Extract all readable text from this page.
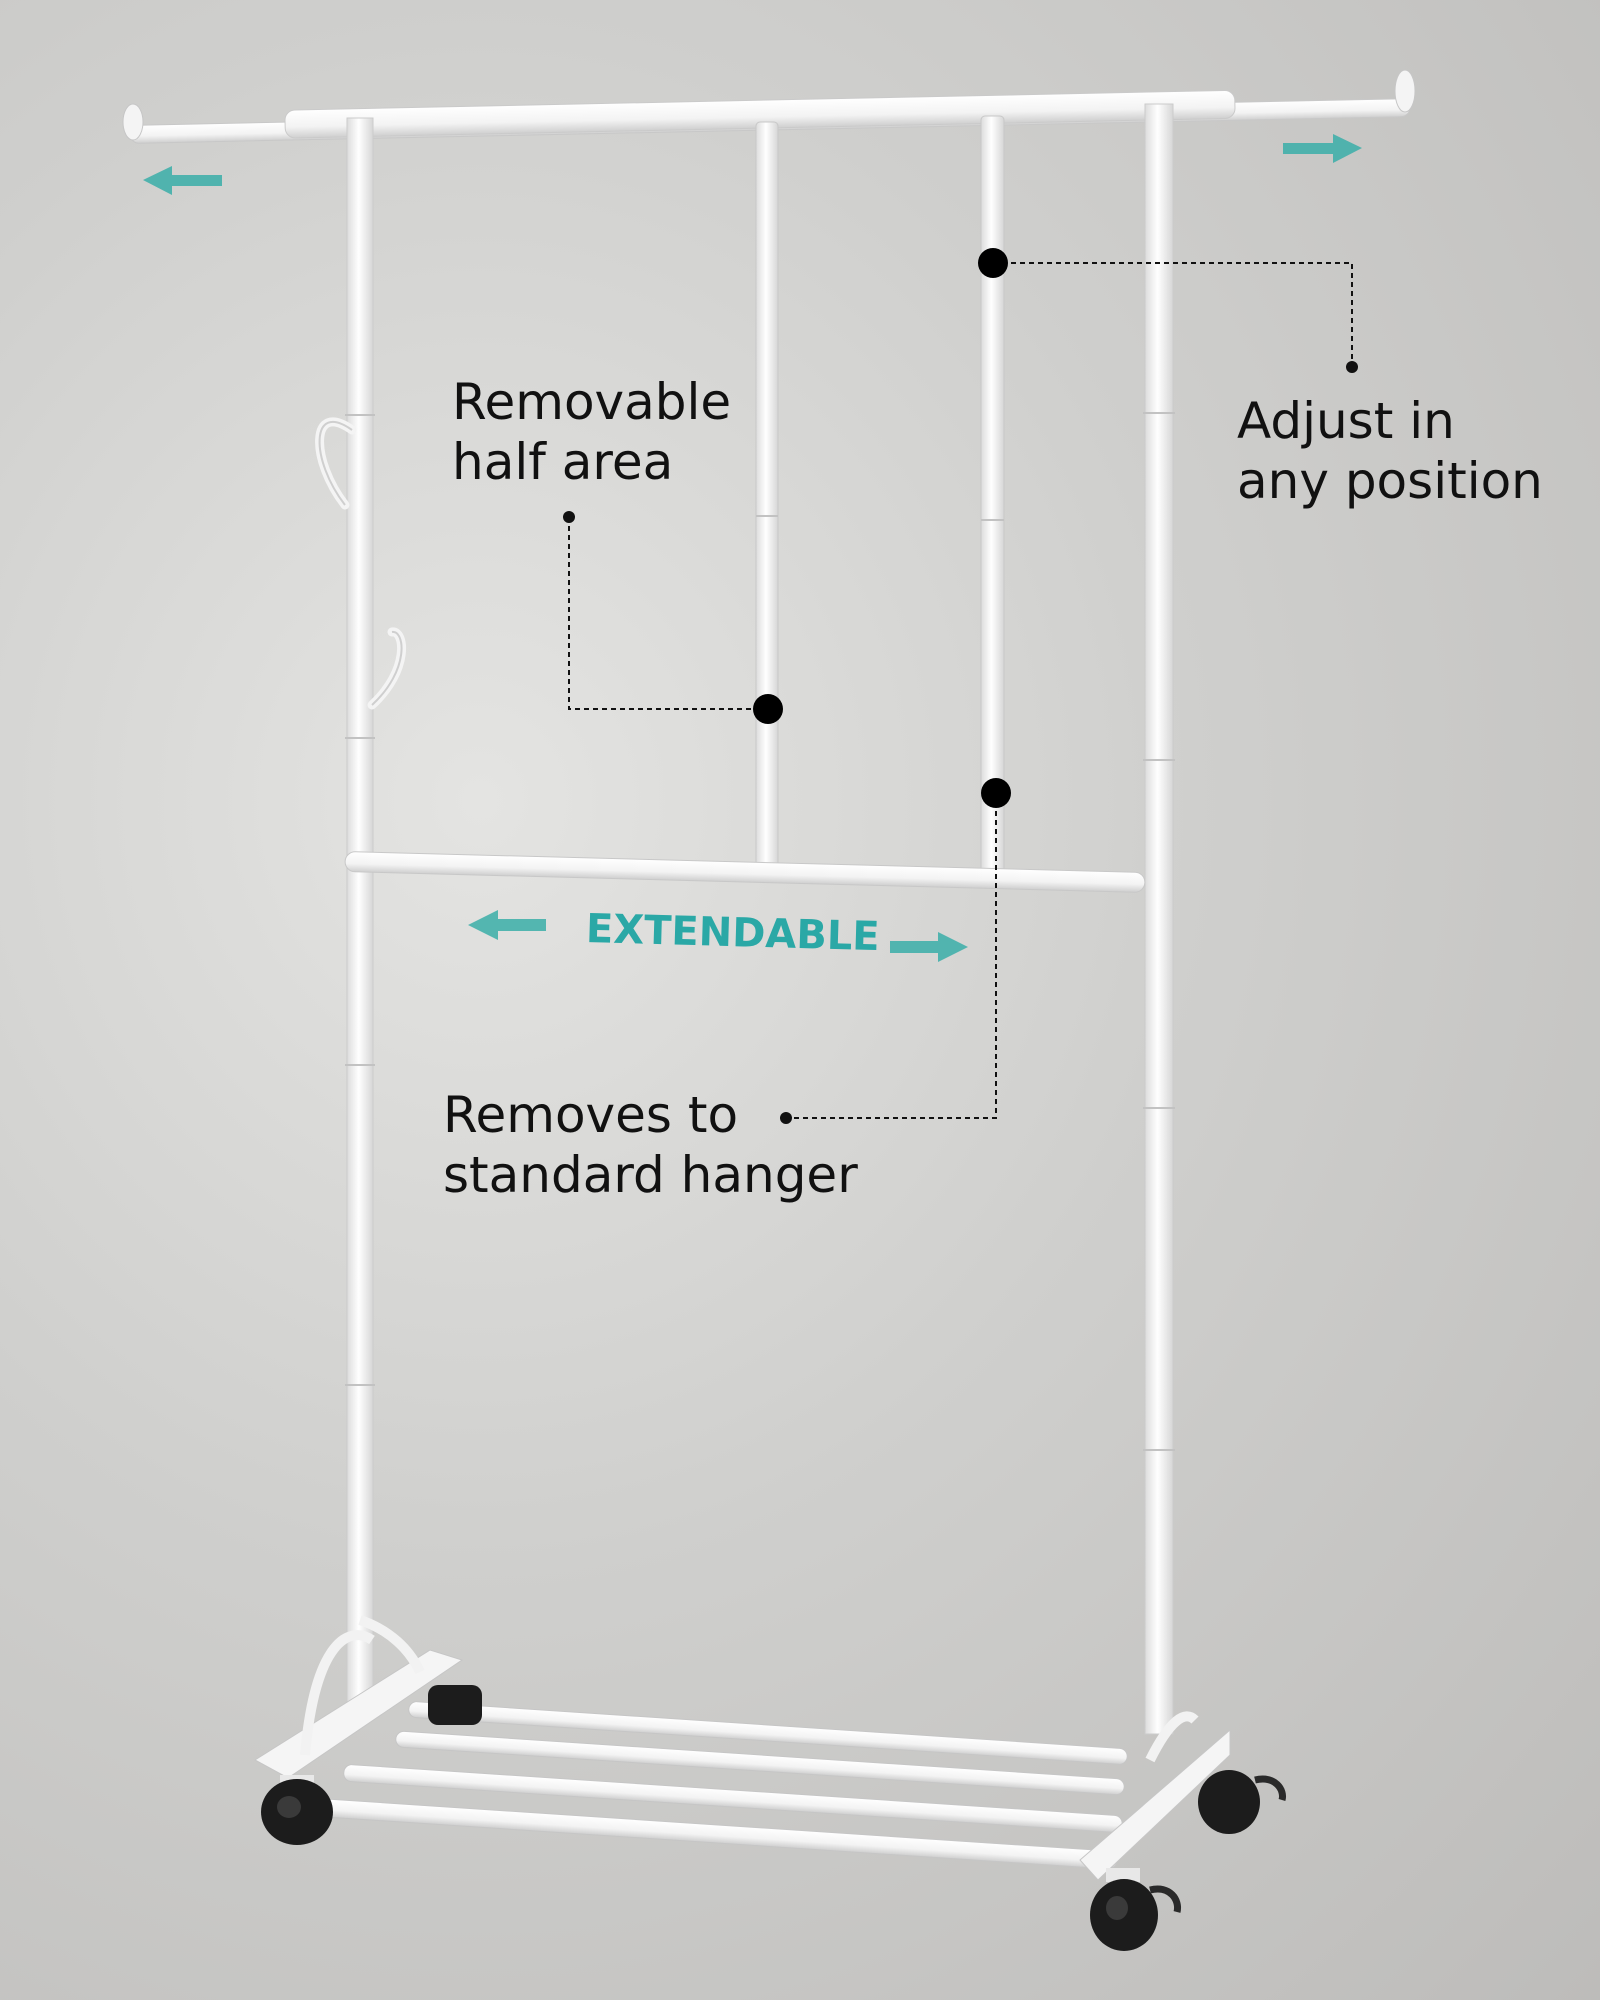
Removable
half area

Adjust in
any position

Removes to
standard hanger

EXTENDABLE
